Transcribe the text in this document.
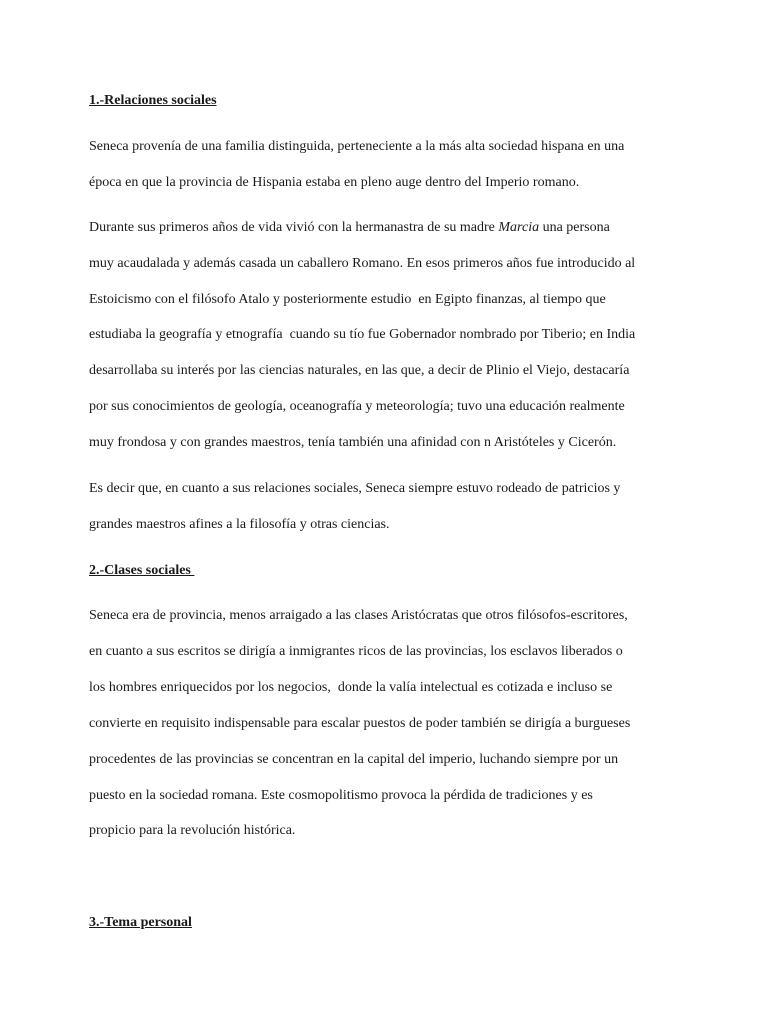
1.-Relaciones sociales
Seneca provenía de una familia distinguida, perteneciente a la más alta sociedad hispana en una
época en que la provincia de Hispania estaba en pleno auge dentro del Imperio romano.
Durante sus primeros años de vida vivió con la hermanastra de su madre Marcia una persona
muy acaudalada y además casada un caballero Romano. En esos primeros años fue introducido al
Estoicismo con el filósofo Atalo y posteriormente estudio  en Egipto finanzas, al tiempo que
estudiaba la geografía y etnografía  cuando su tío fue Gobernador nombrado por Tiberio; en India
desarrollaba su interés por las ciencias naturales, en las que, a decir de Plinio el Viejo, destacaría
por sus conocimientos de geología, oceanografía y meteorología; tuvo una educación realmente
muy frondosa y con grandes maestros, tenía también una afinidad con n Aristóteles y Cicerón.
Es decir que, en cuanto a sus relaciones sociales, Seneca siempre estuvo rodeado de patricios y
grandes maestros afines a la filosofía y otras ciencias.
2.-Clases sociales
Seneca era de provincia, menos arraigado a las clases Aristócratas que otros filósofos-escritores,
en cuanto a sus escritos se dirigía a inmigrantes ricos de las provincias, los esclavos liberados o
los hombres enriquecidos por los negocios,  donde la valía intelectual es cotizada e incluso se
convierte en requisito indispensable para escalar puestos de poder también se dirigía a burgueses
procedentes de las provincias se concentran en la capital del imperio, luchando siempre por un
puesto en la sociedad romana. Este cosmopolitismo provoca la pérdida de tradiciones y es
propicio para la revolución histórica.
3.-Tema personal
